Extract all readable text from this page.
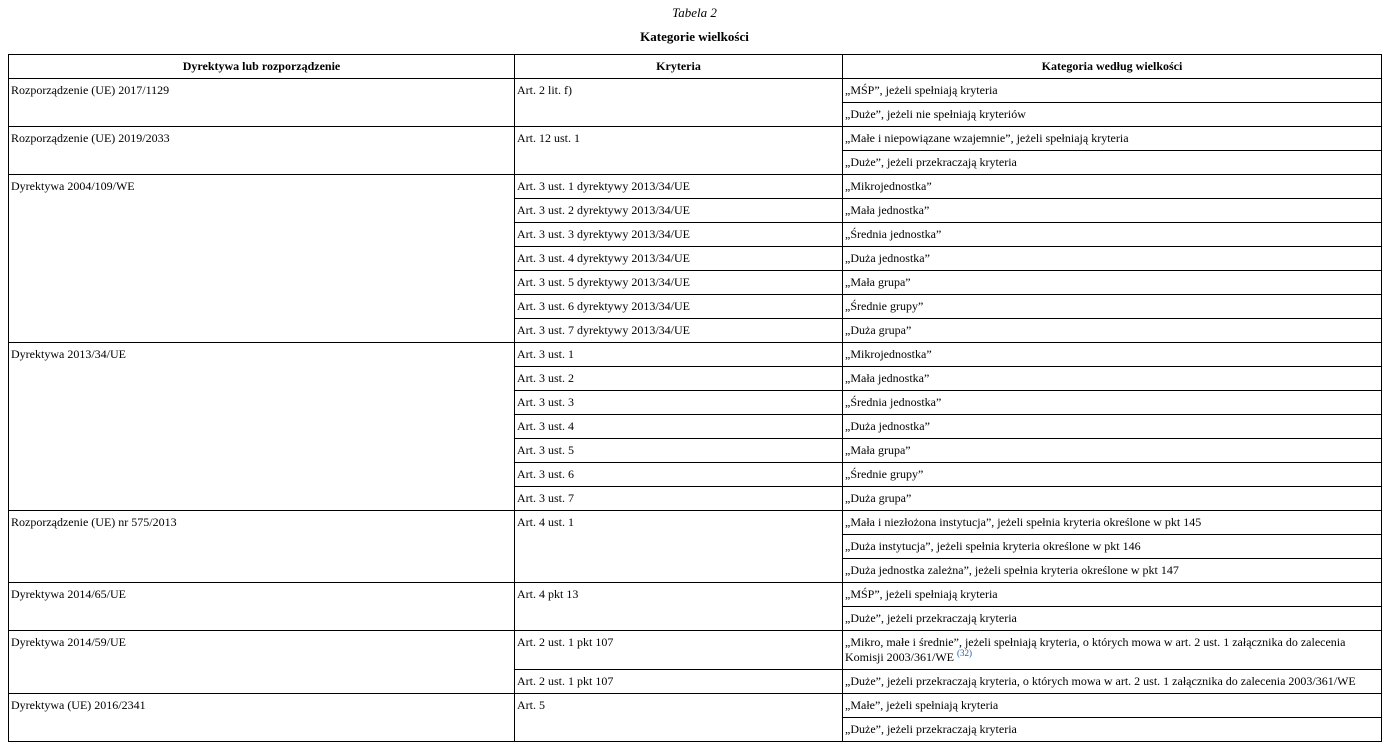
Tabela 2
Kategorie wielkości
Dyrektywa lub rozporządzenie	Kryteria	Kategoria według wielkości
Rozporządzenie (UE) 2017/1129	Art. 2 lit. f)	„MŚP”, jeżeli spełniają kryteria
		„Duże”, jeżeli nie spełniają kryteriów
Rozporządzenie (UE) 2019/2033	Art. 12 ust. 1	„Małe i niepowiązane wzajemnie”, jeżeli spełniają kryteria
		„Duże”, jeżeli przekraczają kryteria
Dyrektywa 2004/109/WE	Art. 3 ust. 1 dyrektywy 2013/34/UE	„Mikrojednostka”
	Art. 3 ust. 2 dyrektywy 2013/34/UE	„Mała jednostka”
	Art. 3 ust. 3 dyrektywy 2013/34/UE	„Średnia jednostka”
	Art. 3 ust. 4 dyrektywy 2013/34/UE	„Duża jednostka”
	Art. 3 ust. 5 dyrektywy 2013/34/UE	„Mała grupa”
	Art. 3 ust. 6 dyrektywy 2013/34/UE	„Średnie grupy”
	Art. 3 ust. 7 dyrektywy 2013/34/UE	„Duża grupa”
Dyrektywa 2013/34/UE	Art. 3 ust. 1	„Mikrojednostka”
	Art. 3 ust. 2	„Mała jednostka”
	Art. 3 ust. 3	„Średnia jednostka”
	Art. 3 ust. 4	„Duża jednostka”
	Art. 3 ust. 5	„Mała grupa”
	Art. 3 ust. 6	„Średnie grupy”
	Art. 3 ust. 7	„Duża grupa”
Rozporządzenie (UE) nr 575/2013	Art. 4 ust. 1	„Mała i niezłożona instytucja”, jeżeli spełnia kryteria określone w pkt 145
		„Duża instytucja”, jeżeli spełnia kryteria określone w pkt 146
		„Duża jednostka zależna”, jeżeli spełnia kryteria określone w pkt 147
Dyrektywa 2014/65/UE	Art. 4 pkt 13	„MŚP”, jeżeli spełniają kryteria
		„Duże”, jeżeli przekraczają kryteria
Dyrektywa 2014/59/UE	Art. 2 ust. 1 pkt 107	„Mikro, małe i średnie”, jeżeli spełniają kryteria, o których mowa w art. 2 ust. 1 załącznika do zalecenia Komisji 2003/361/WE $^{(32)}$
	Art. 2 ust. 1 pkt 107	„Duże”, jeżeli przekraczają kryteria, o których mowa w art. 2 ust. 1 załącznika do zalecenia 2003/361/WE
Dyrektywa (UE) 2016/2341	Art. 5	„Małe”, jeżeli spełniają kryteria
		„Duże”, jeżeli przekraczają kryteria
